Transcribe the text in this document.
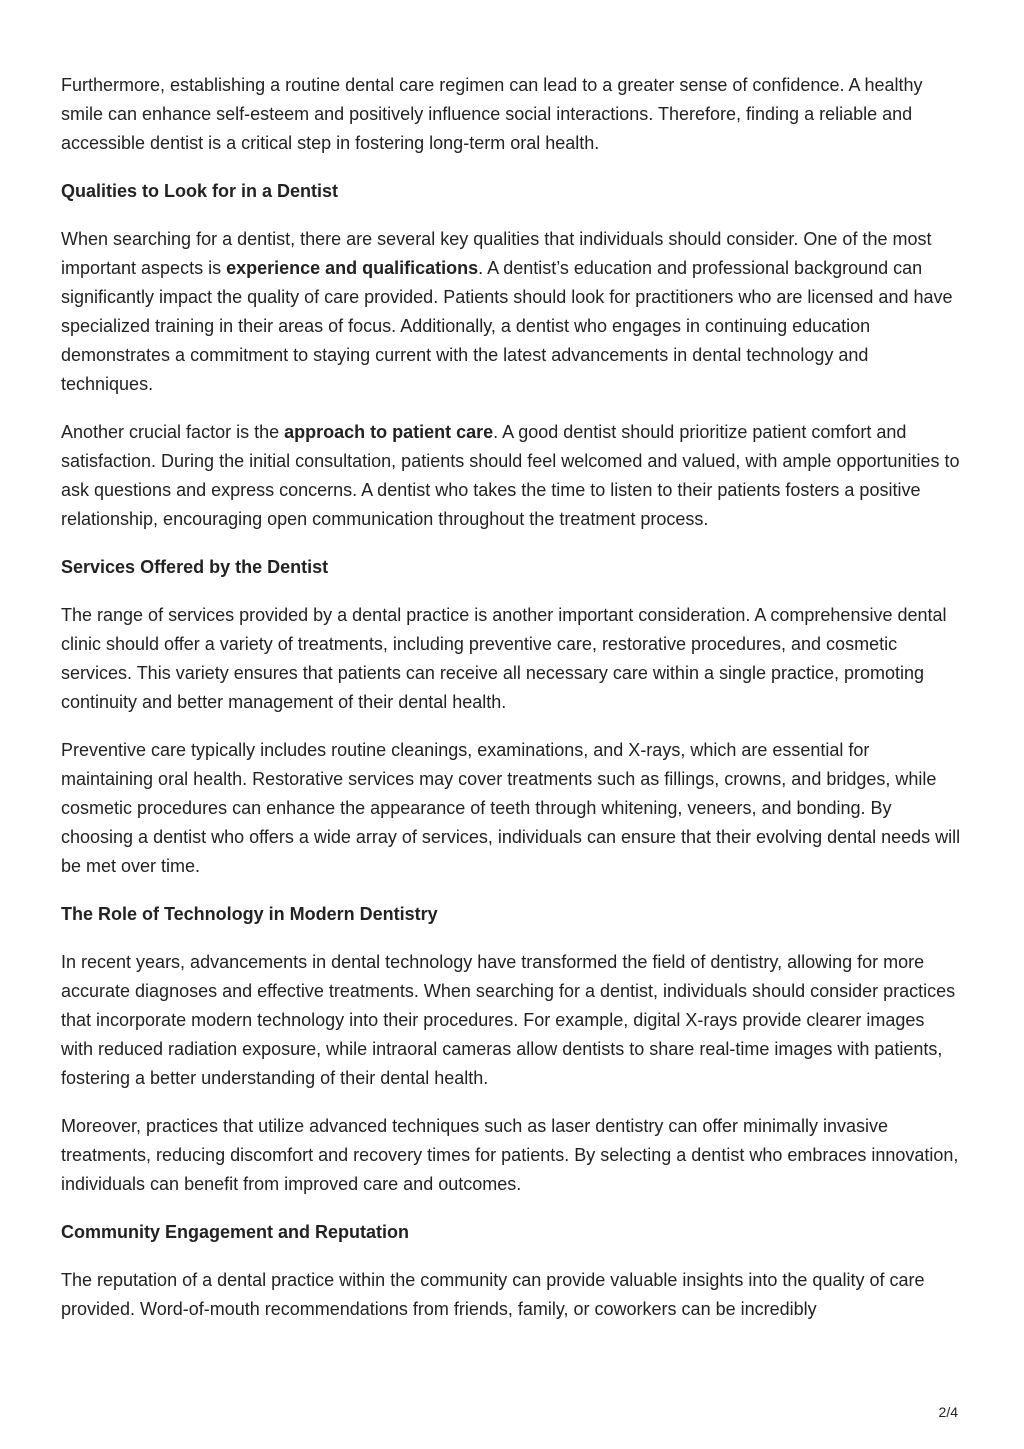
Furthermore, establishing a routine dental care regimen can lead to a greater sense of confidence. A healthy smile can enhance self-esteem and positively influence social interactions. Therefore, finding a reliable and accessible dentist is a critical step in fostering long-term oral health.

Qualities to Look for in a Dentist

When searching for a dentist, there are several key qualities that individuals should consider. One of the most important aspects is experience and qualifications. A dentist’s education and professional background can significantly impact the quality of care provided. Patients should look for practitioners who are licensed and have specialized training in their areas of focus. Additionally, a dentist who engages in continuing education demonstrates a commitment to staying current with the latest advancements in dental technology and techniques.

Another crucial factor is the approach to patient care. A good dentist should prioritize patient comfort and satisfaction. During the initial consultation, patients should feel welcomed and valued, with ample opportunities to ask questions and express concerns. A dentist who takes the time to listen to their patients fosters a positive relationship, encouraging open communication throughout the treatment process.

Services Offered by the Dentist

The range of services provided by a dental practice is another important consideration. A comprehensive dental clinic should offer a variety of treatments, including preventive care, restorative procedures, and cosmetic services. This variety ensures that patients can receive all necessary care within a single practice, promoting continuity and better management of their dental health.

Preventive care typically includes routine cleanings, examinations, and X-rays, which are essential for maintaining oral health. Restorative services may cover treatments such as fillings, crowns, and bridges, while cosmetic procedures can enhance the appearance of teeth through whitening, veneers, and bonding. By choosing a dentist who offers a wide array of services, individuals can ensure that their evolving dental needs will be met over time.

The Role of Technology in Modern Dentistry

In recent years, advancements in dental technology have transformed the field of dentistry, allowing for more accurate diagnoses and effective treatments. When searching for a dentist, individuals should consider practices that incorporate modern technology into their procedures. For example, digital X-rays provide clearer images with reduced radiation exposure, while intraoral cameras allow dentists to share real-time images with patients, fostering a better understanding of their dental health.

Moreover, practices that utilize advanced techniques such as laser dentistry can offer minimally invasive treatments, reducing discomfort and recovery times for patients. By selecting a dentist who embraces innovation, individuals can benefit from improved care and outcomes.

Community Engagement and Reputation

The reputation of a dental practice within the community can provide valuable insights into the quality of care provided. Word-of-mouth recommendations from friends, family, or coworkers can be incredibly

2/4
